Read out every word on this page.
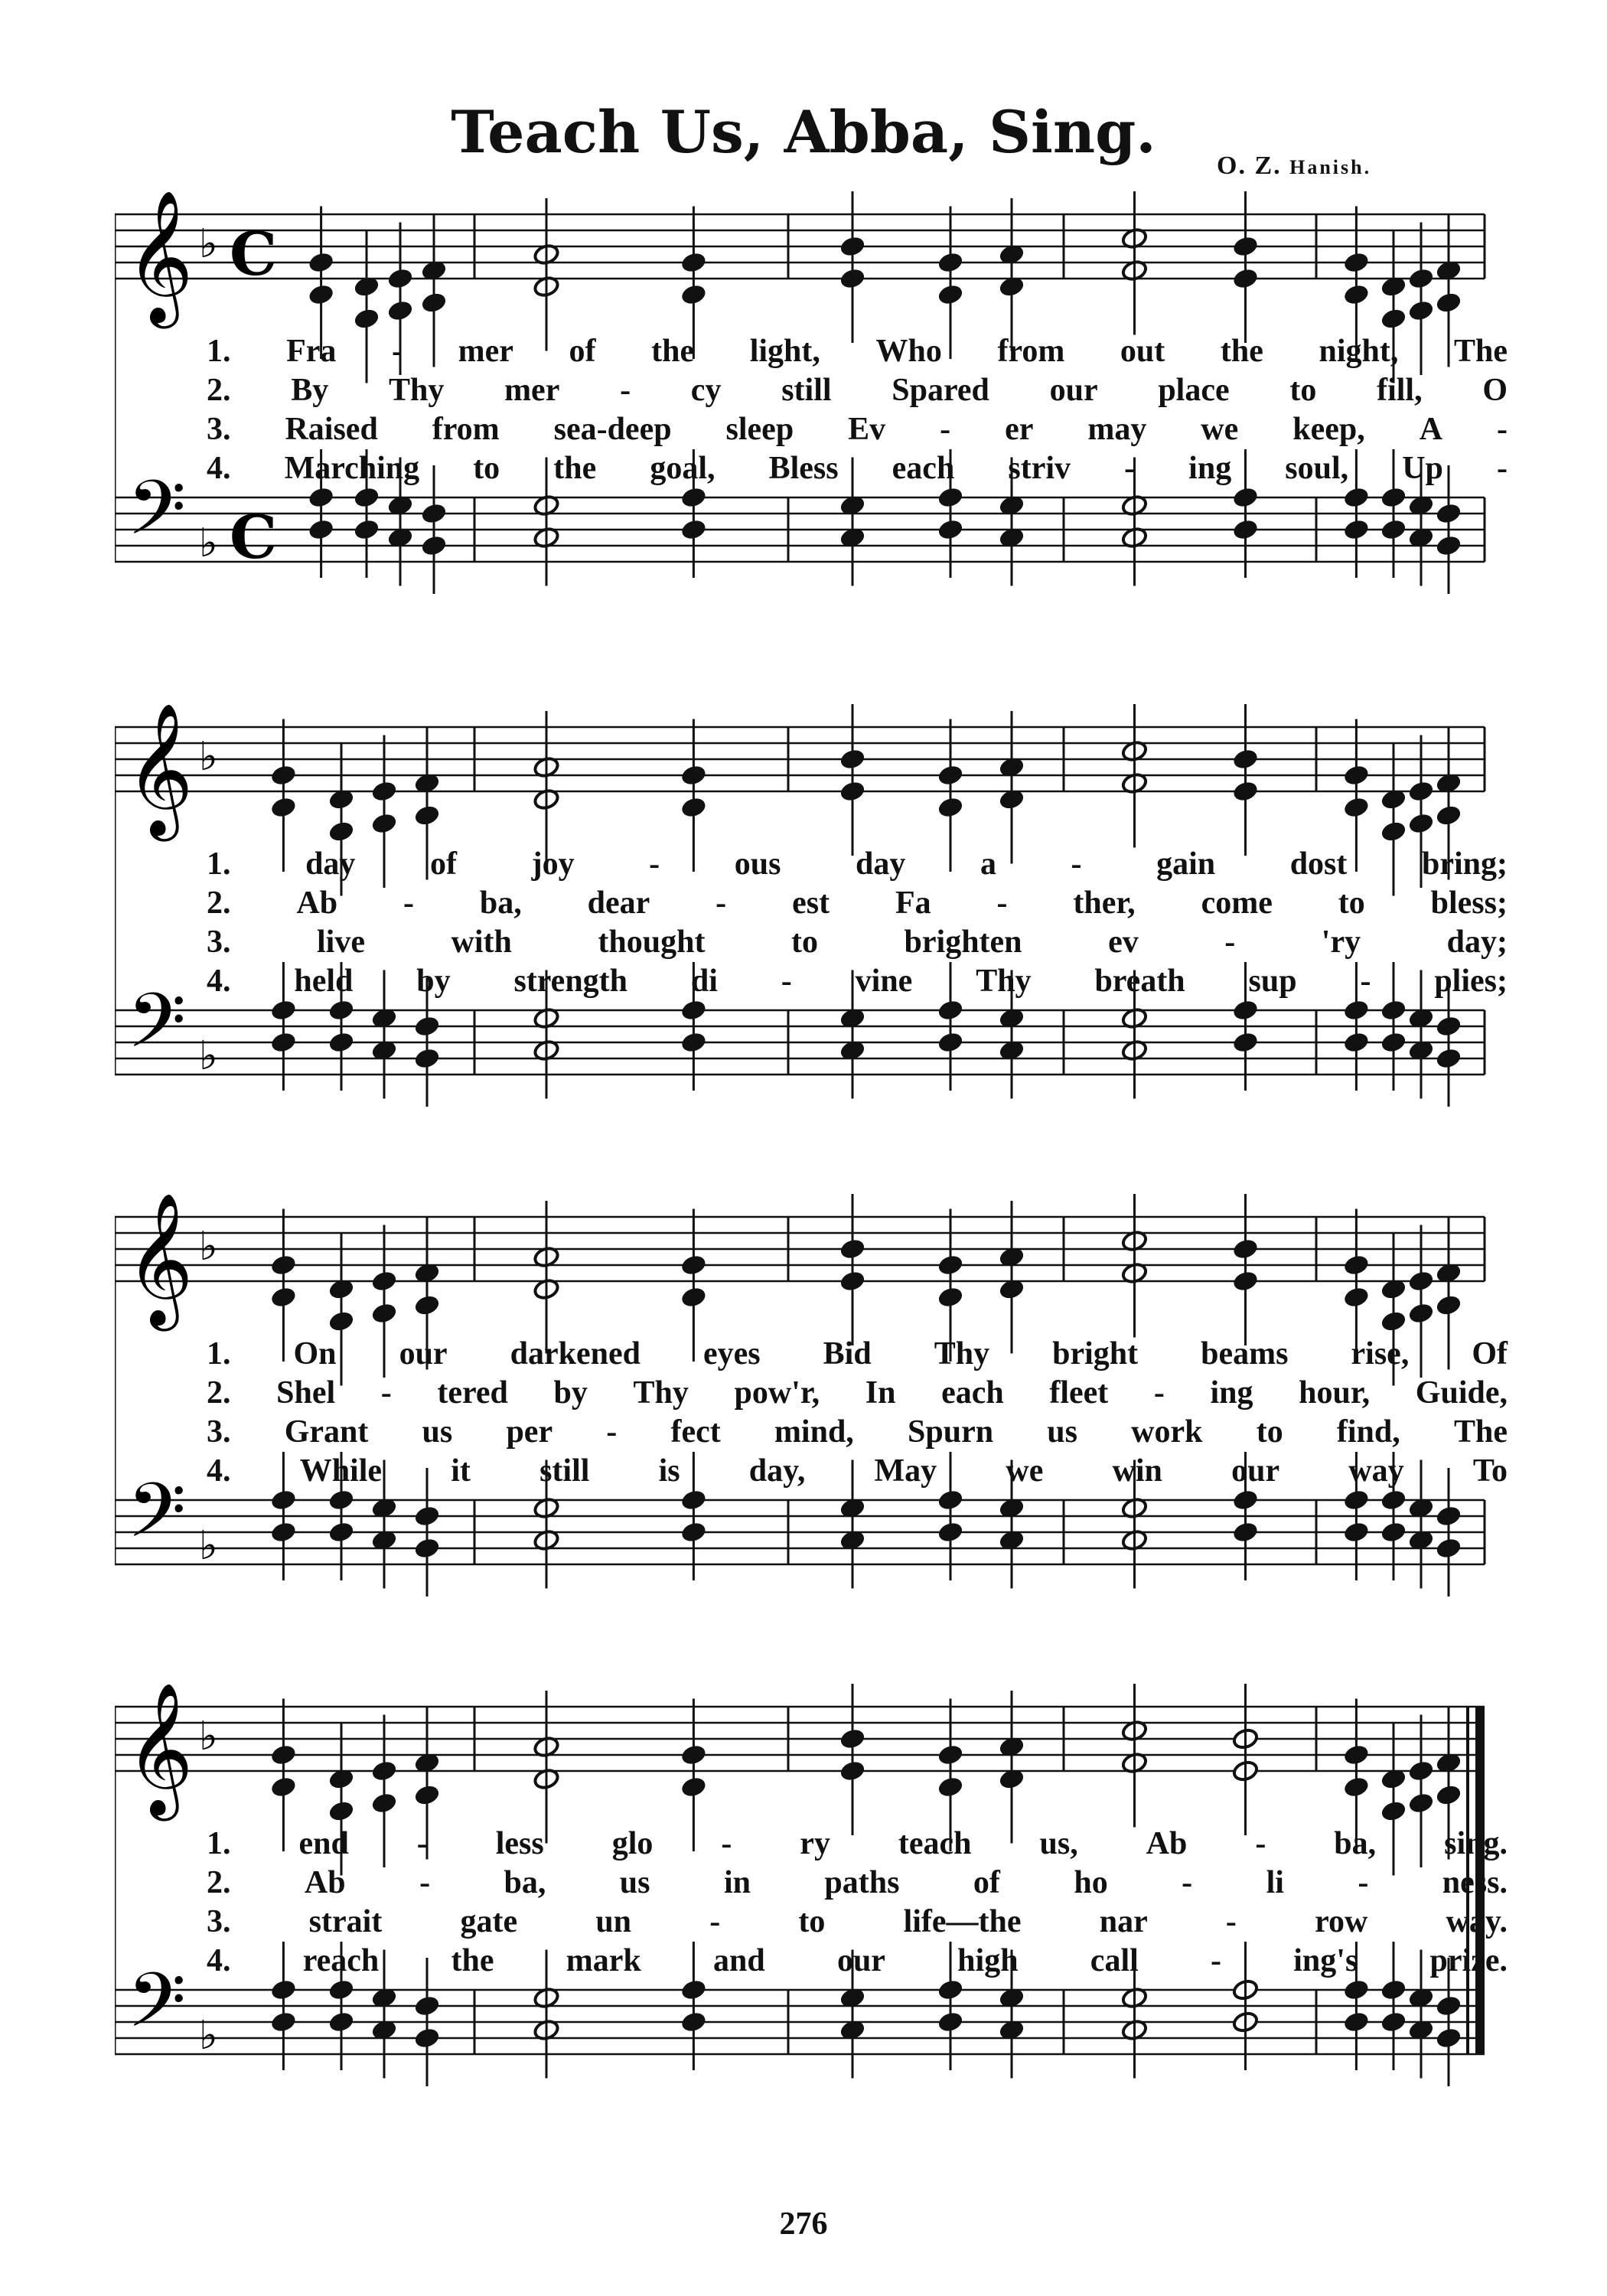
Teach Us, Abba, Sing.	O. Z. Hanish.
𝄞
𝄢
♭
♭
C
C
1. Fra - mer of the light, Who from out the night, The
2. By Thy mer - cy still Spared our place to fill, O
3. Raised from sea-deep sleep Ev - er may we keep, A -
4. Marching to the goal, Bless each striv - ing soul, Up -
𝄞
𝄢
♭
♭
1. day of joy - ous day a - gain dost bring;
2. Ab - ba, dear - est Fa - ther, come to bless;
3.	live	with	thought	to	brighten	ev	-	'ry	day;
4. held by strength di - vine Thy breath sup - plies;
𝄞
𝄢
♭
♭
1. On our darkened eyes Bid Thy bright beams rise, Of
2. Shel - tered by Thy pow'r, In each fleet - ing hour, Guide,
3. Grant us per - fect mind, Spurn us work to find, The
4. While it still is day, May we win our way To
𝄞
𝄢
♭
♭
1. end - less glo - ry teach us, Ab - ba, sing.
2. Ab - ba, us in paths of ho - li - ness.
3. strait gate un - to life—the nar - row way.
4. reach the mark and our high call - ing's prize.
276
